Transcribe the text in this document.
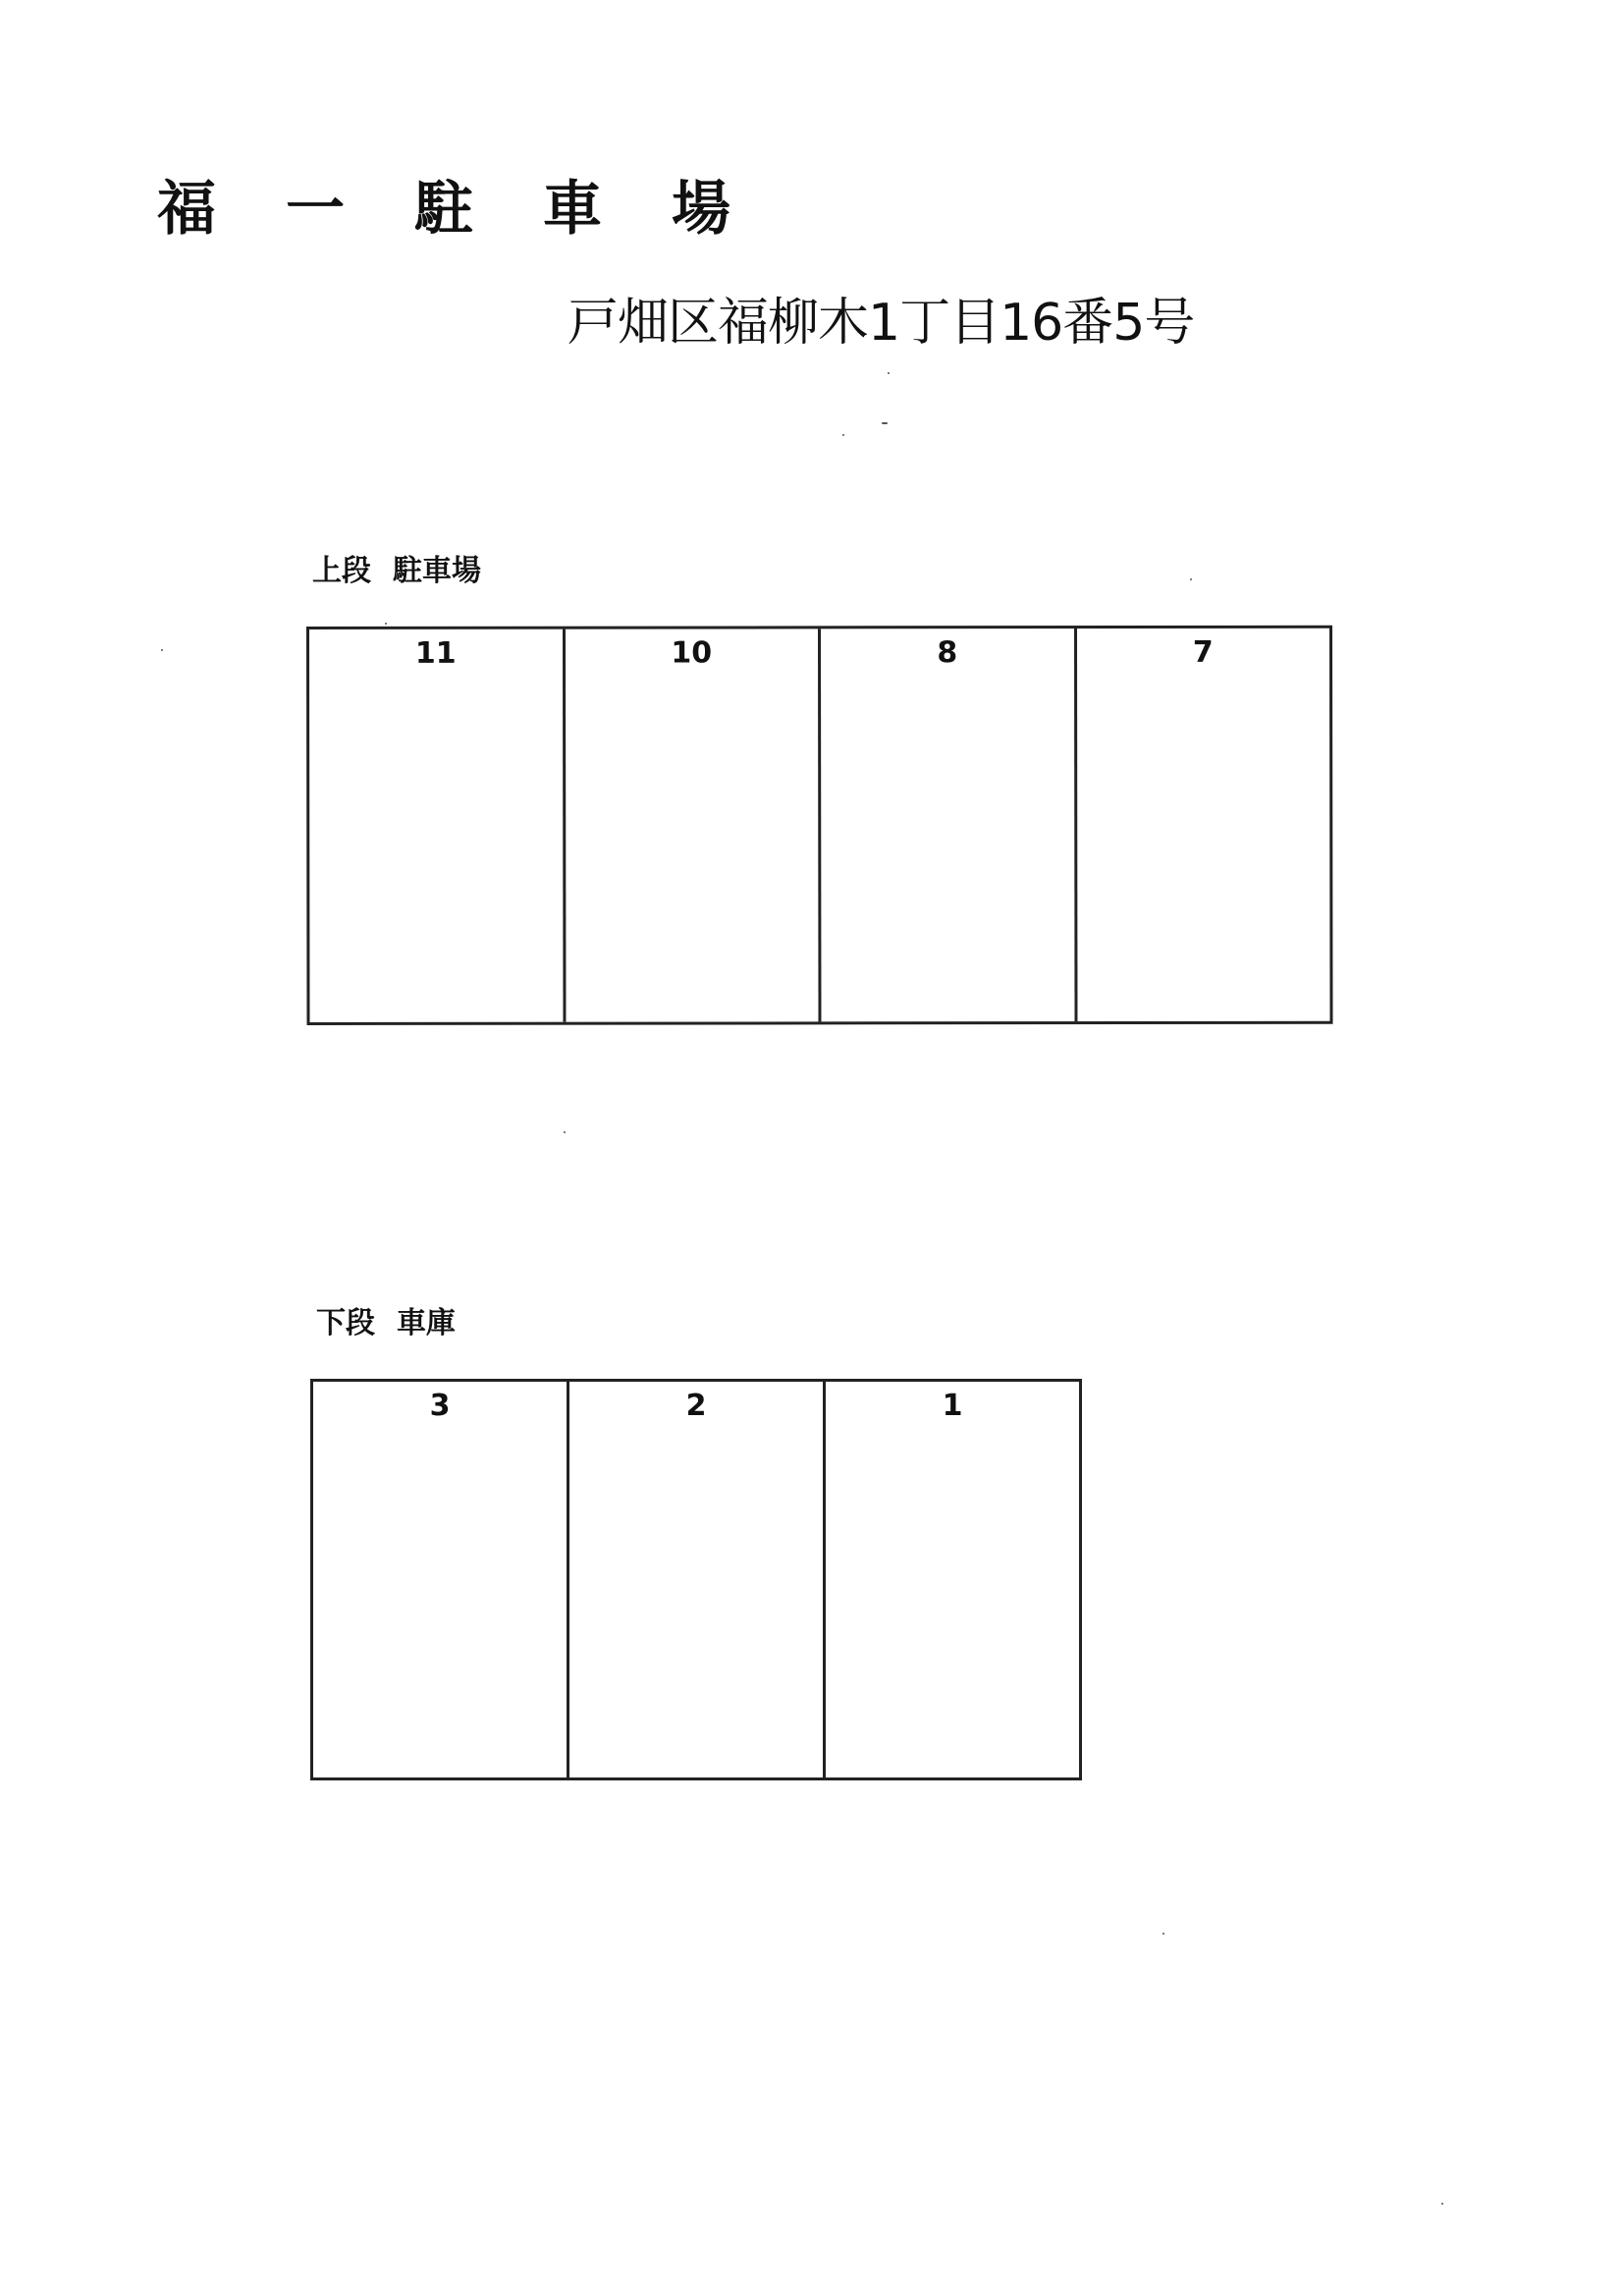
福 一 駐 車 場
戸畑区福柳木1丁目16番5号
上段 駐車場
11	10	8	7
下段 車庫
3	2	1
